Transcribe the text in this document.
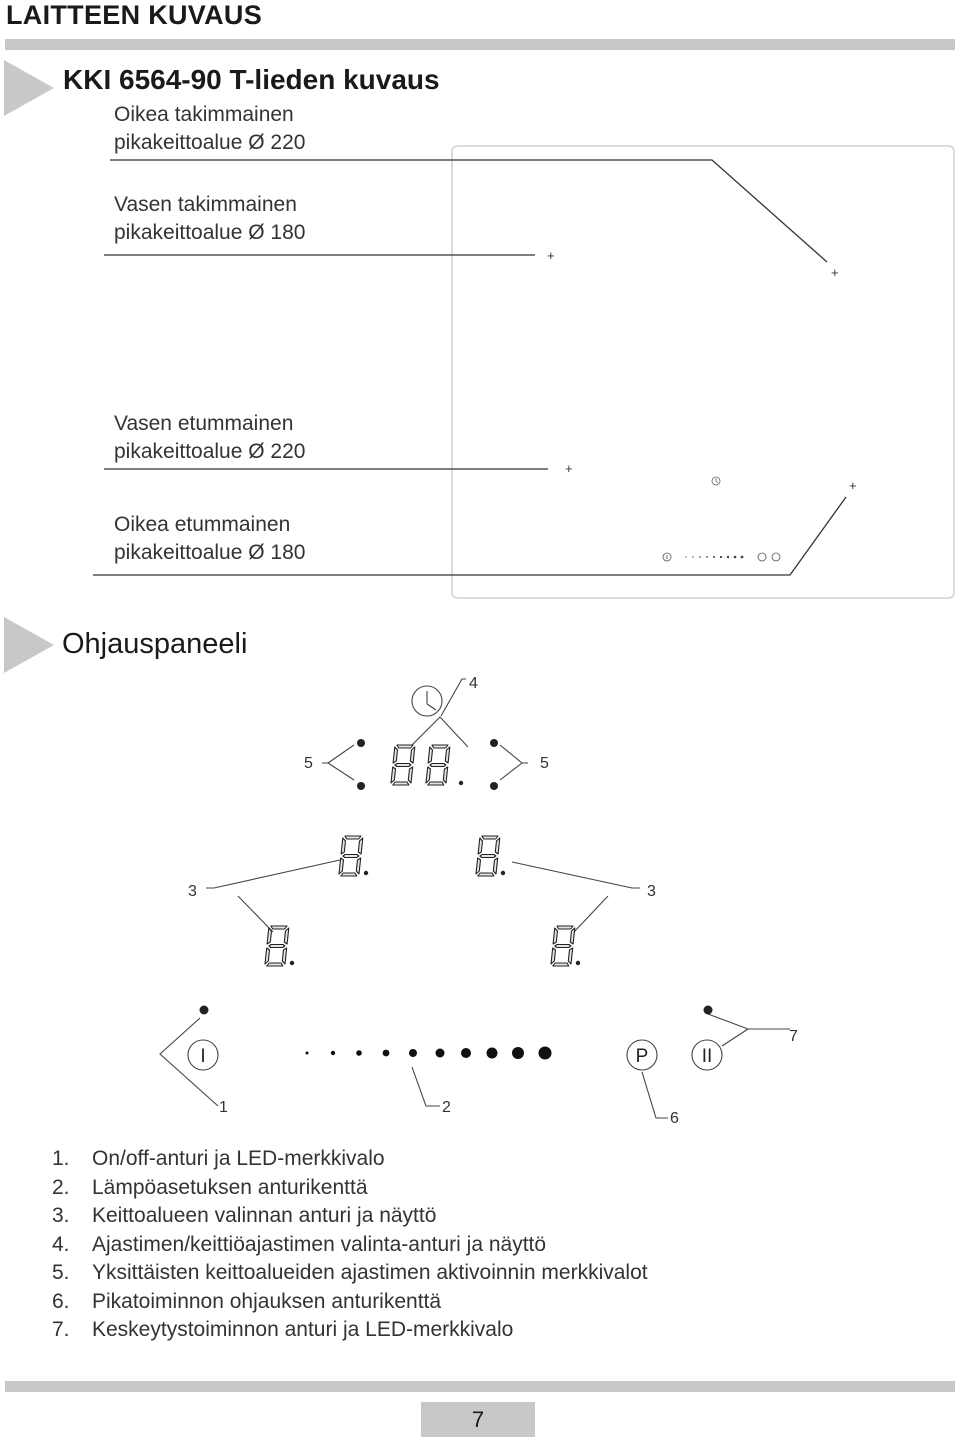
LAITTEEN KUVAUS
KKI 6564-90 T-lieden kuvaus
Oikea takimmainen
pikakeittoalue Ø 220
Vasen takimmainen
pikakeittoalue Ø 180
Vasen etummainen
pikakeittoalue Ø 220
Oikea etummainen
pikakeittoalue Ø 180
+
+
+
+
Ohjauspaneeli
I	P	II
4
5	5
3	3
7
1	2
6
1. On/off-anturi ja LED-merkkivalo
2. Lämpöasetuksen anturikenttä
3. Keittoalueen valinnan anturi ja näyttö
4. Ajastimen/keittiöajastimen valinta-anturi ja näyttö
5. Yksittäisten keittoalueiden ajastimen aktivoinnin merkkivalot
6. Pikatoiminnon ohjauksen anturikenttä
7. Keskeytystoiminnon anturi ja LED-merkkivalo
7
